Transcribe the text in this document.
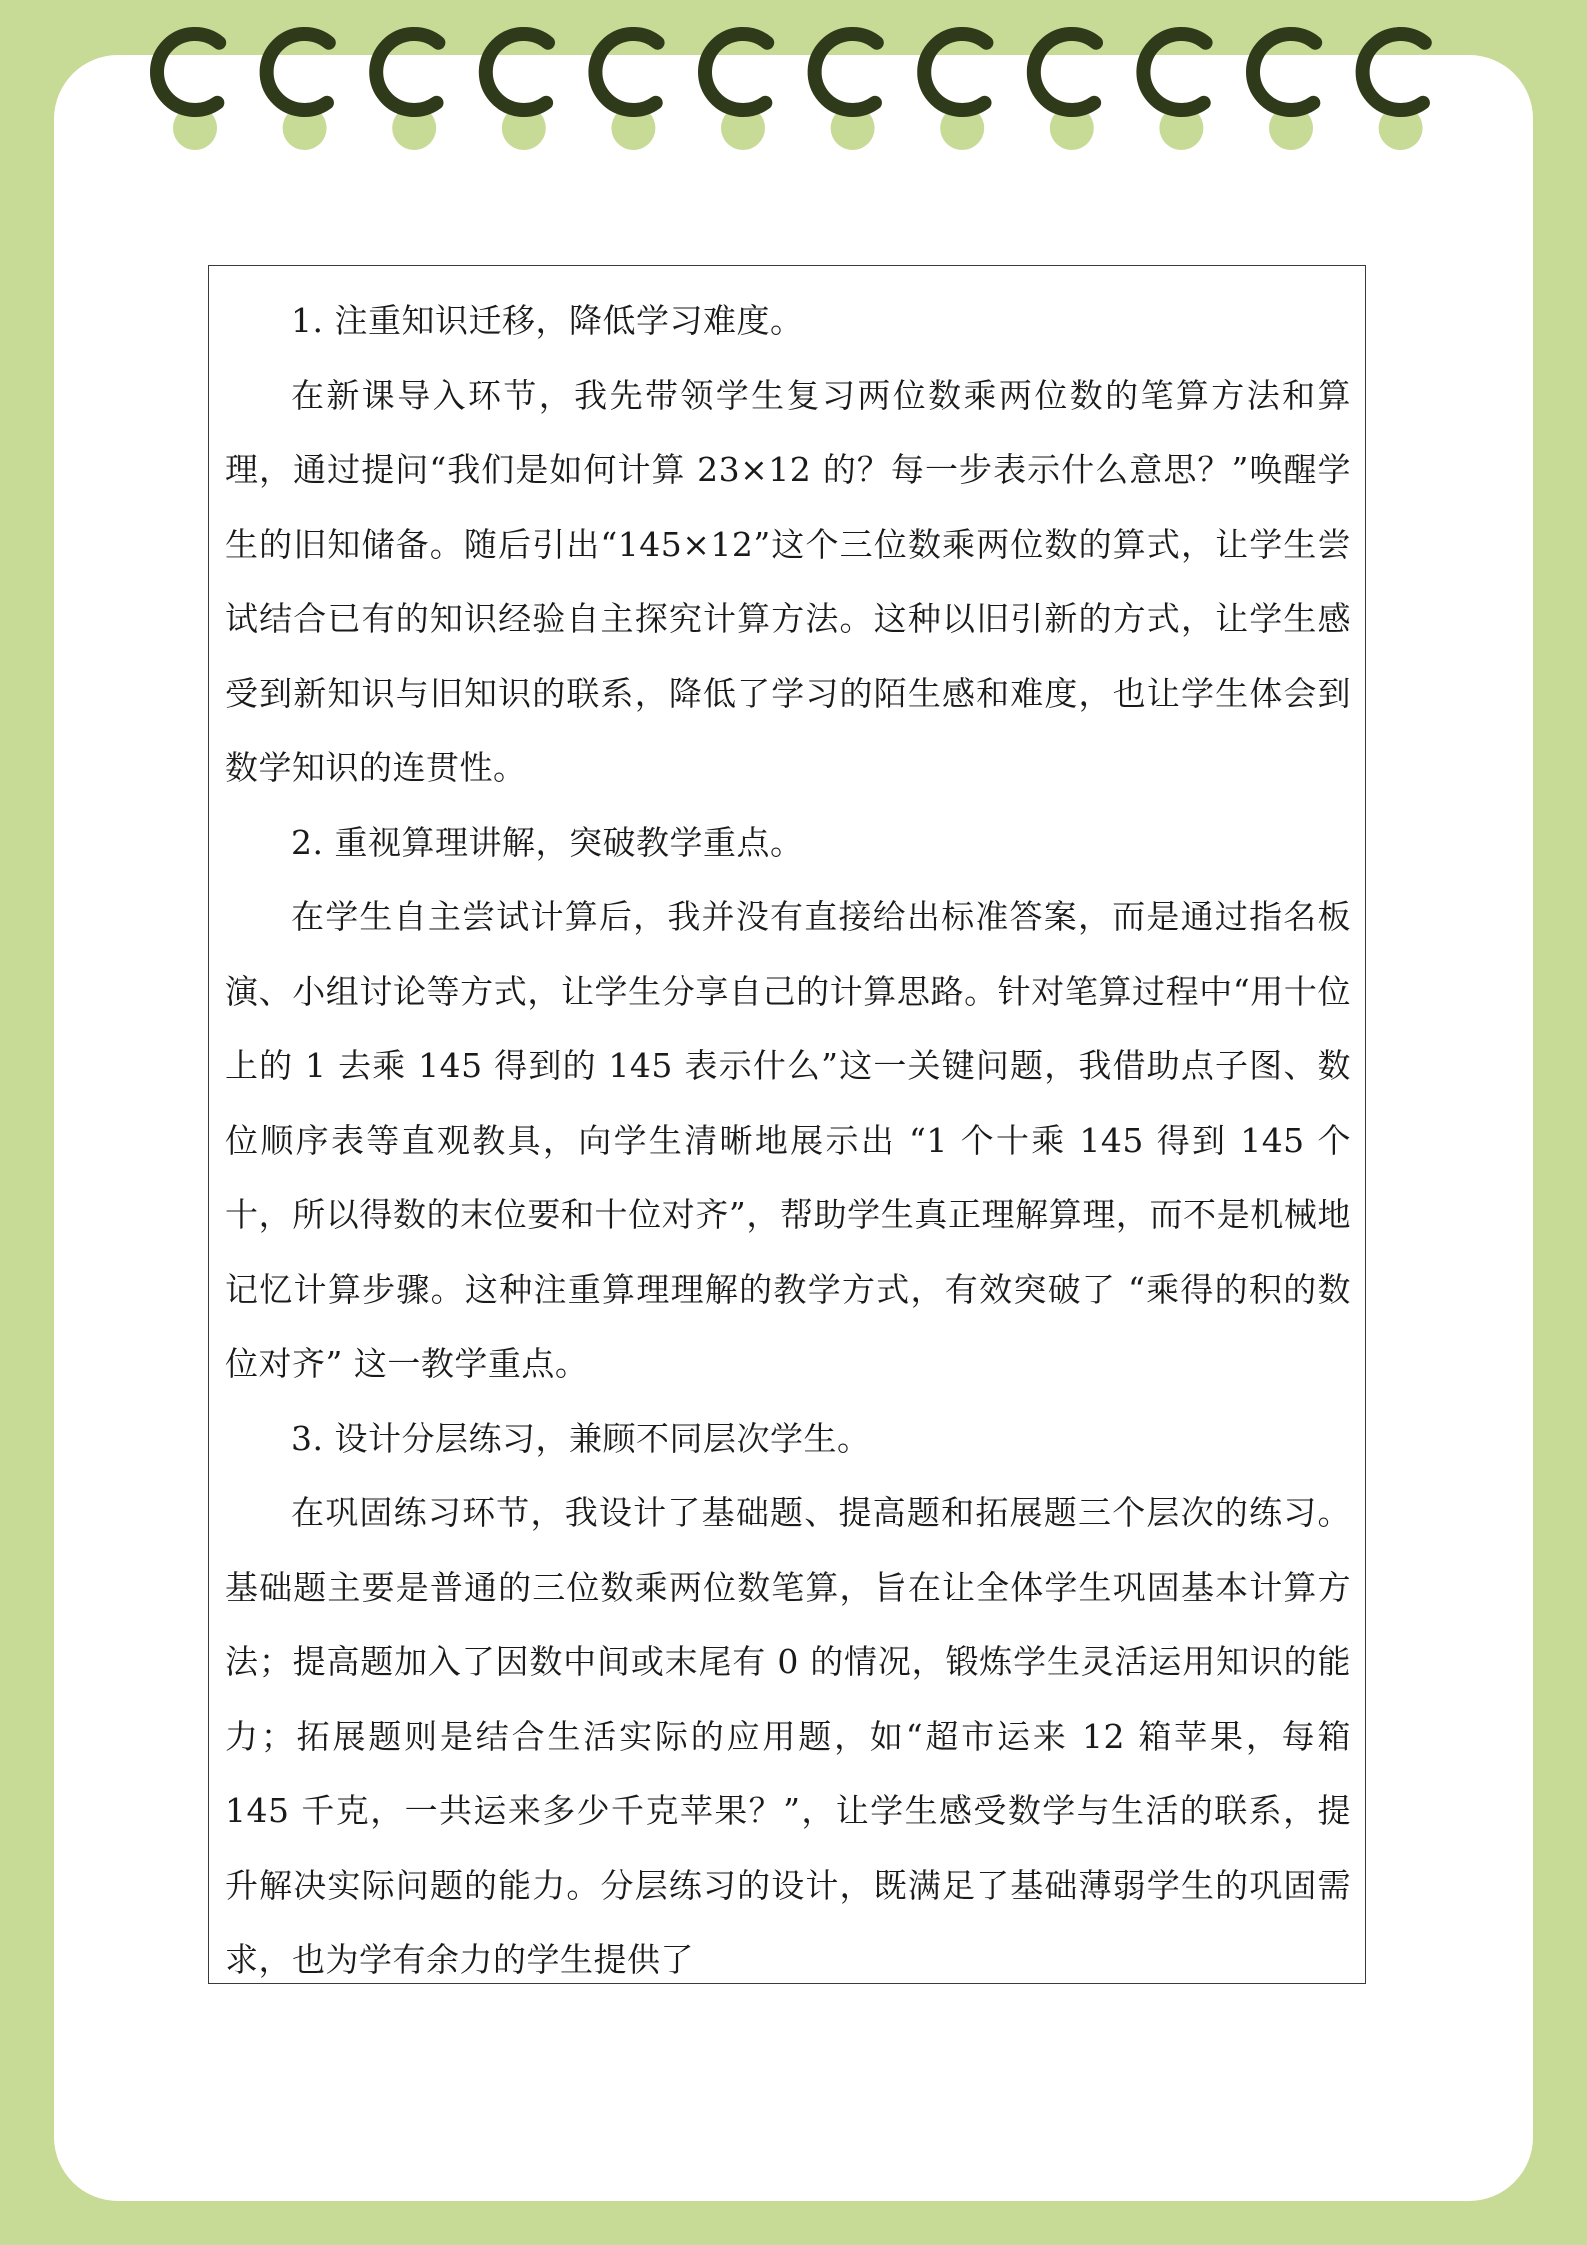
1. 注重知识迁移，降低学习难度。

在新课导入环节，我先带领学生复习两位数乘两位数的笔算方法和算理，通过提问“我们是如何计算 23×12 的？每一步表示什么意思？”唤醒学生的旧知储备。随后引出“145×12”这个三位数乘两位数的算式，让学生尝试结合已有的知识经验自主探究计算方法。这种以旧引新的方式，让学生感受到新知识与旧知识的联系，降低了学习的陌生感和难度，也让学生体会到数学知识的连贯性。

2. 重视算理讲解，突破教学重点。

在学生自主尝试计算后，我并没有直接给出标准答案，而是通过指名板演、小组讨论等方式，让学生分享自己的计算思路。针对笔算过程中“用十位上的 1 去乘 145 得到的 145 表示什么”这一关键问题，我借助点子图、数位顺序表等直观教具，向学生清晰地展示出 “1 个十乘 145 得到 145 个十，所以得数的末位要和十位对齐”，帮助学生真正理解算理，而不是机械地记忆计算步骤。这种注重算理理解的教学方式，有效突破了 “乘得的积的数位对齐” 这一教学重点。

3. 设计分层练习，兼顾不同层次学生。

在巩固练习环节，我设计了基础题、提高题和拓展题三个层次的练习。基础题主要是普通的三位数乘两位数笔算，旨在让全体学生巩固基本计算方法；提高题加入了因数中间或末尾有 0 的情况，锻炼学生灵活运用知识的能力；拓展题则是结合生活实际的应用题，如“超市运来 12 箱苹果，每箱 145 千克，一共运来多少千克苹果？”，让学生感受数学与生活的联系，提升解决实际问题的能力。分层练习的设计，既满足了基础薄弱学生的巩固需求，也为学有余力的学生提供了
